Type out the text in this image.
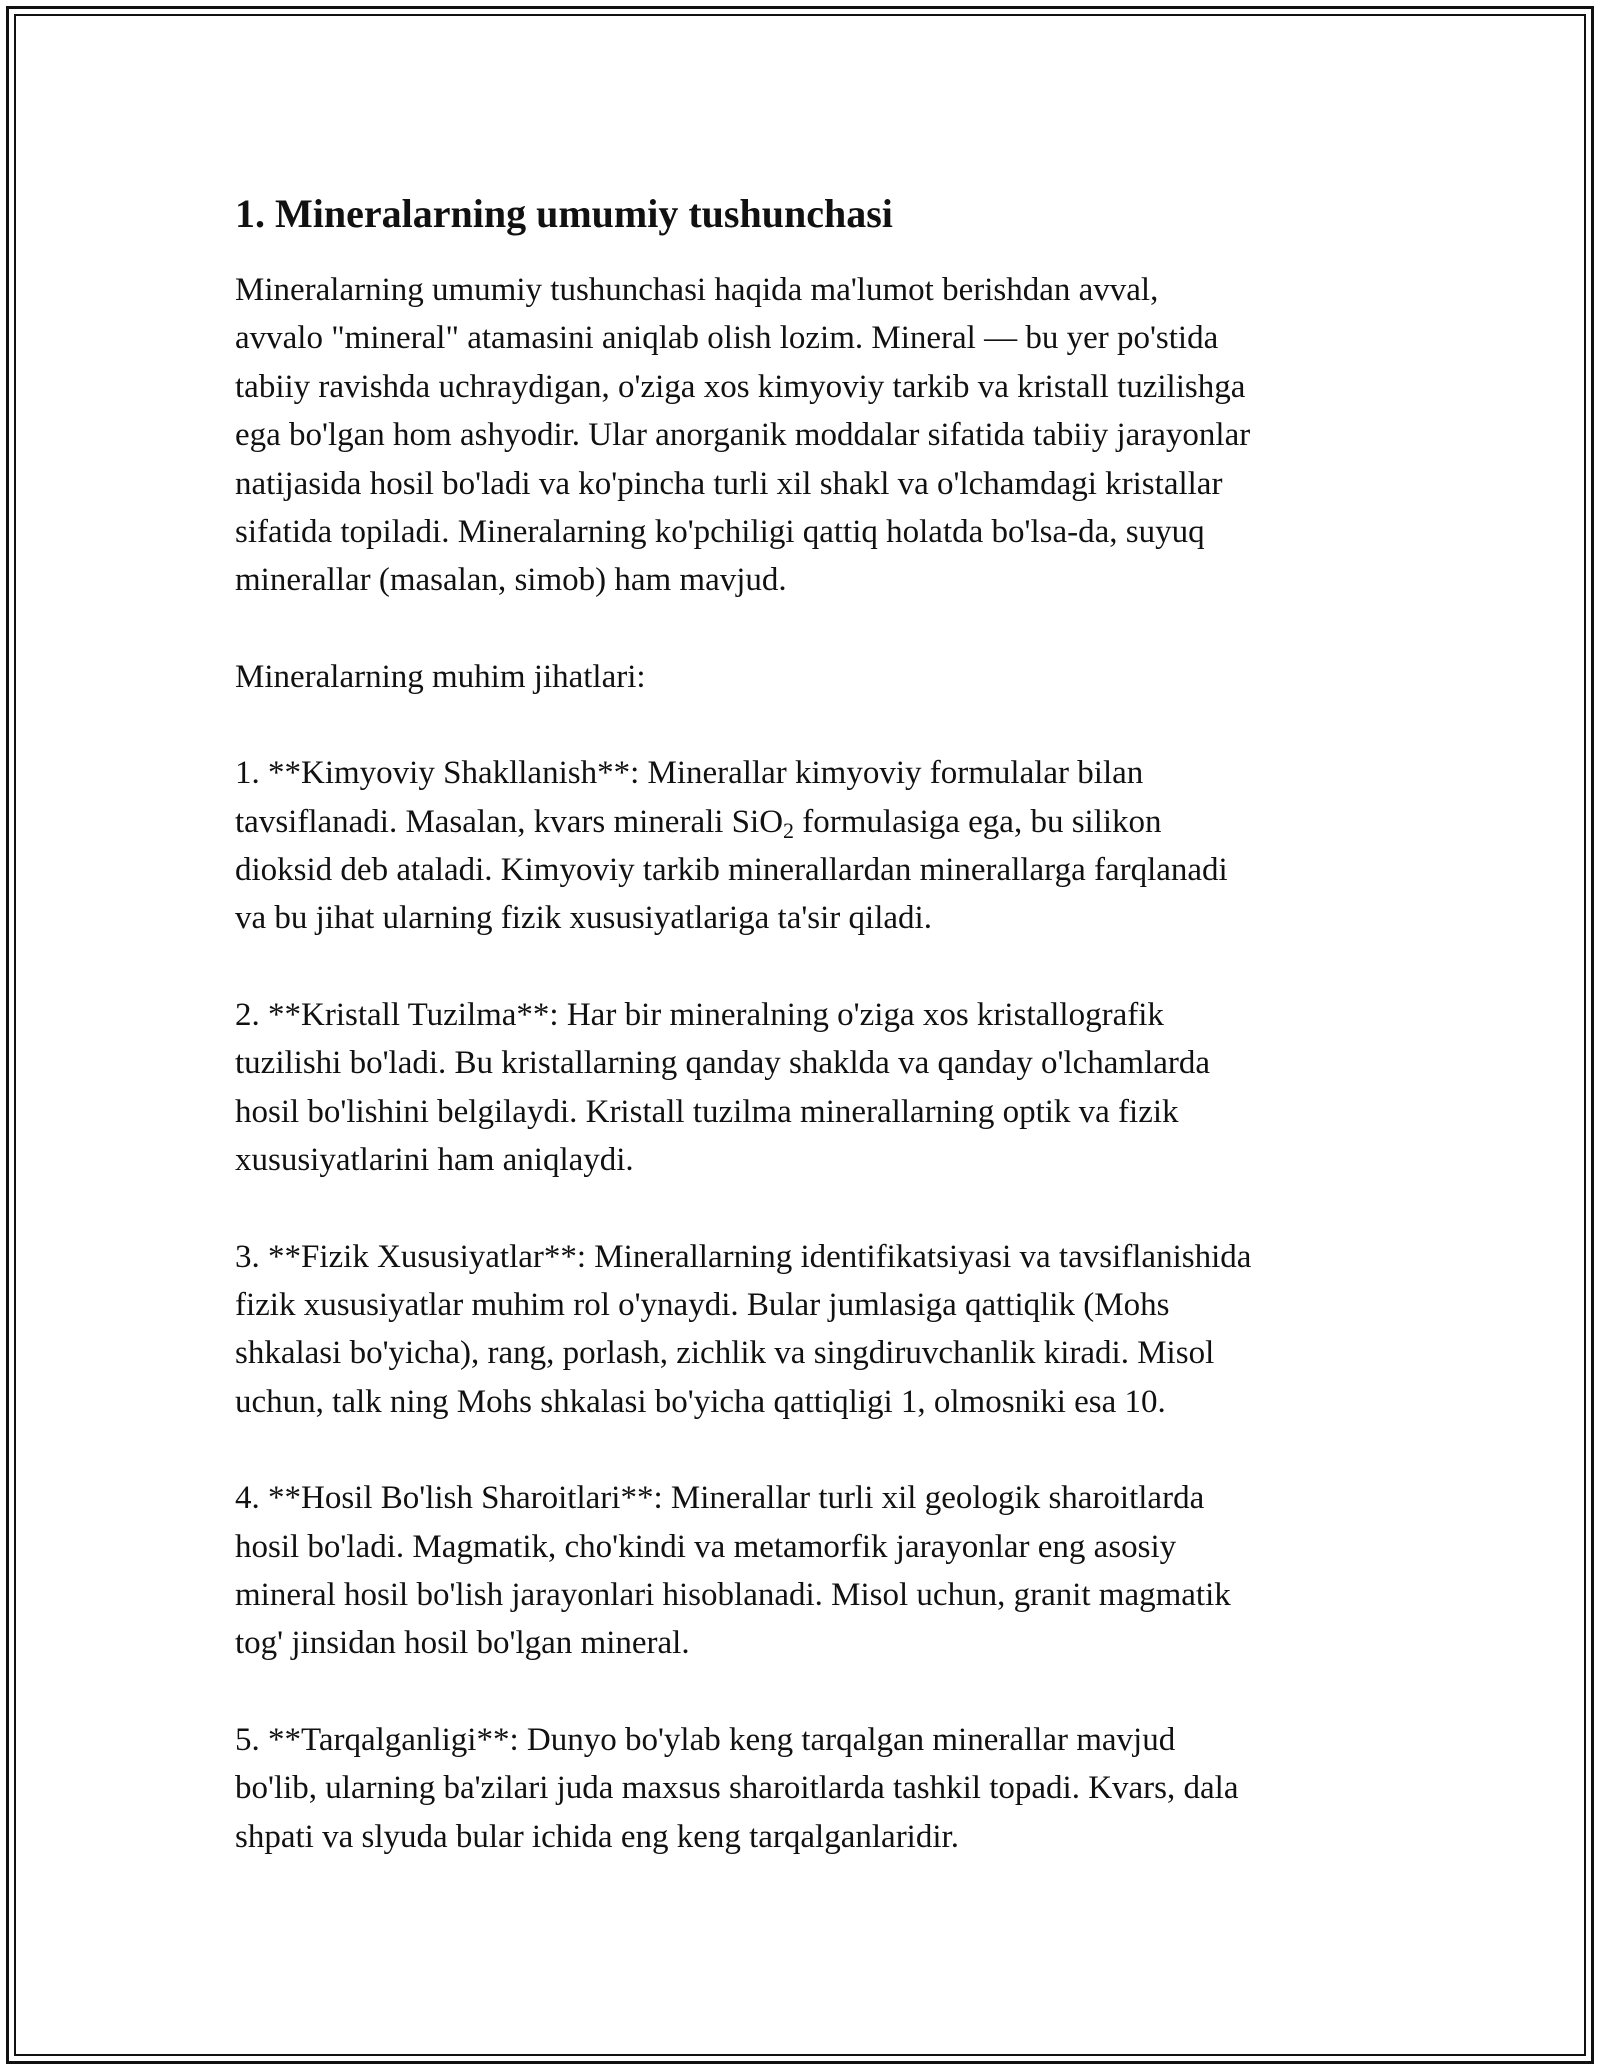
1. Mineralarning umumiy tushunchasi

Mineralarning umumiy tushunchasi haqida ma'lumot berishdan avval,
avvalo "mineral" atamasini aniqlab olish lozim. Mineral — bu yer po'stida
tabiiy ravishda uchraydigan, o'ziga xos kimyoviy tarkib va kristall tuzilishga
ega bo'lgan hom ashyodir. Ular anorganik moddalar sifatida tabiiy jarayonlar
natijasida hosil bo'ladi va ko'pincha turli xil shakl va o'lchamdagi kristallar
sifatida topiladi. Mineralarning ko'pchiligi qattiq holatda bo'lsa-da, suyuq
minerallar (masalan, simob) ham mavjud.

Mineralarning muhim jihatlari:

1. **Kimyoviy Shakllanish**: Minerallar kimyoviy formulalar bilan
tavsiflanadi. Masalan, kvars minerali SiO$_2$ formulasiga ega, bu silikon
dioksid deb ataladi. Kimyoviy tarkib minerallardan minerallarga farqlanadi
va bu jihat ularning fizik xususiyatlariga ta'sir qiladi.

2. **Kristall Tuzilma**: Har bir mineralning o'ziga xos kristallografik
tuzilishi bo'ladi. Bu kristallarning qanday shaklda va qanday o'lchamlarda
hosil bo'lishini belgilaydi. Kristall tuzilma minerallarning optik va fizik
xususiyatlarini ham aniqlaydi.

3. **Fizik Xususiyatlar**: Minerallarning identifikatsiyasi va tavsiflanishida
fizik xususiyatlar muhim rol o'ynaydi. Bular jumlasiga qattiqlik (Mohs
shkalasi bo'yicha), rang, porlash, zichlik va singdiruvchanlik kiradi. Misol
uchun, talk ning Mohs shkalasi bo'yicha qattiqligi 1, olmosniki esa 10.

4. **Hosil Bo'lish Sharoitlari**: Minerallar turli xil geologik sharoitlarda
hosil bo'ladi. Magmatik, cho'kindi va metamorfik jarayonlar eng asosiy
mineral hosil bo'lish jarayonlari hisoblanadi. Misol uchun, granit magmatik
tog' jinsidan hosil bo'lgan mineral.

5. **Tarqalganligi**: Dunyo bo'ylab keng tarqalgan minerallar mavjud
bo'lib, ularning ba'zilari juda maxsus sharoitlarda tashkil topadi. Kvars, dala
shpati va slyuda bular ichida eng keng tarqalganlaridir.
